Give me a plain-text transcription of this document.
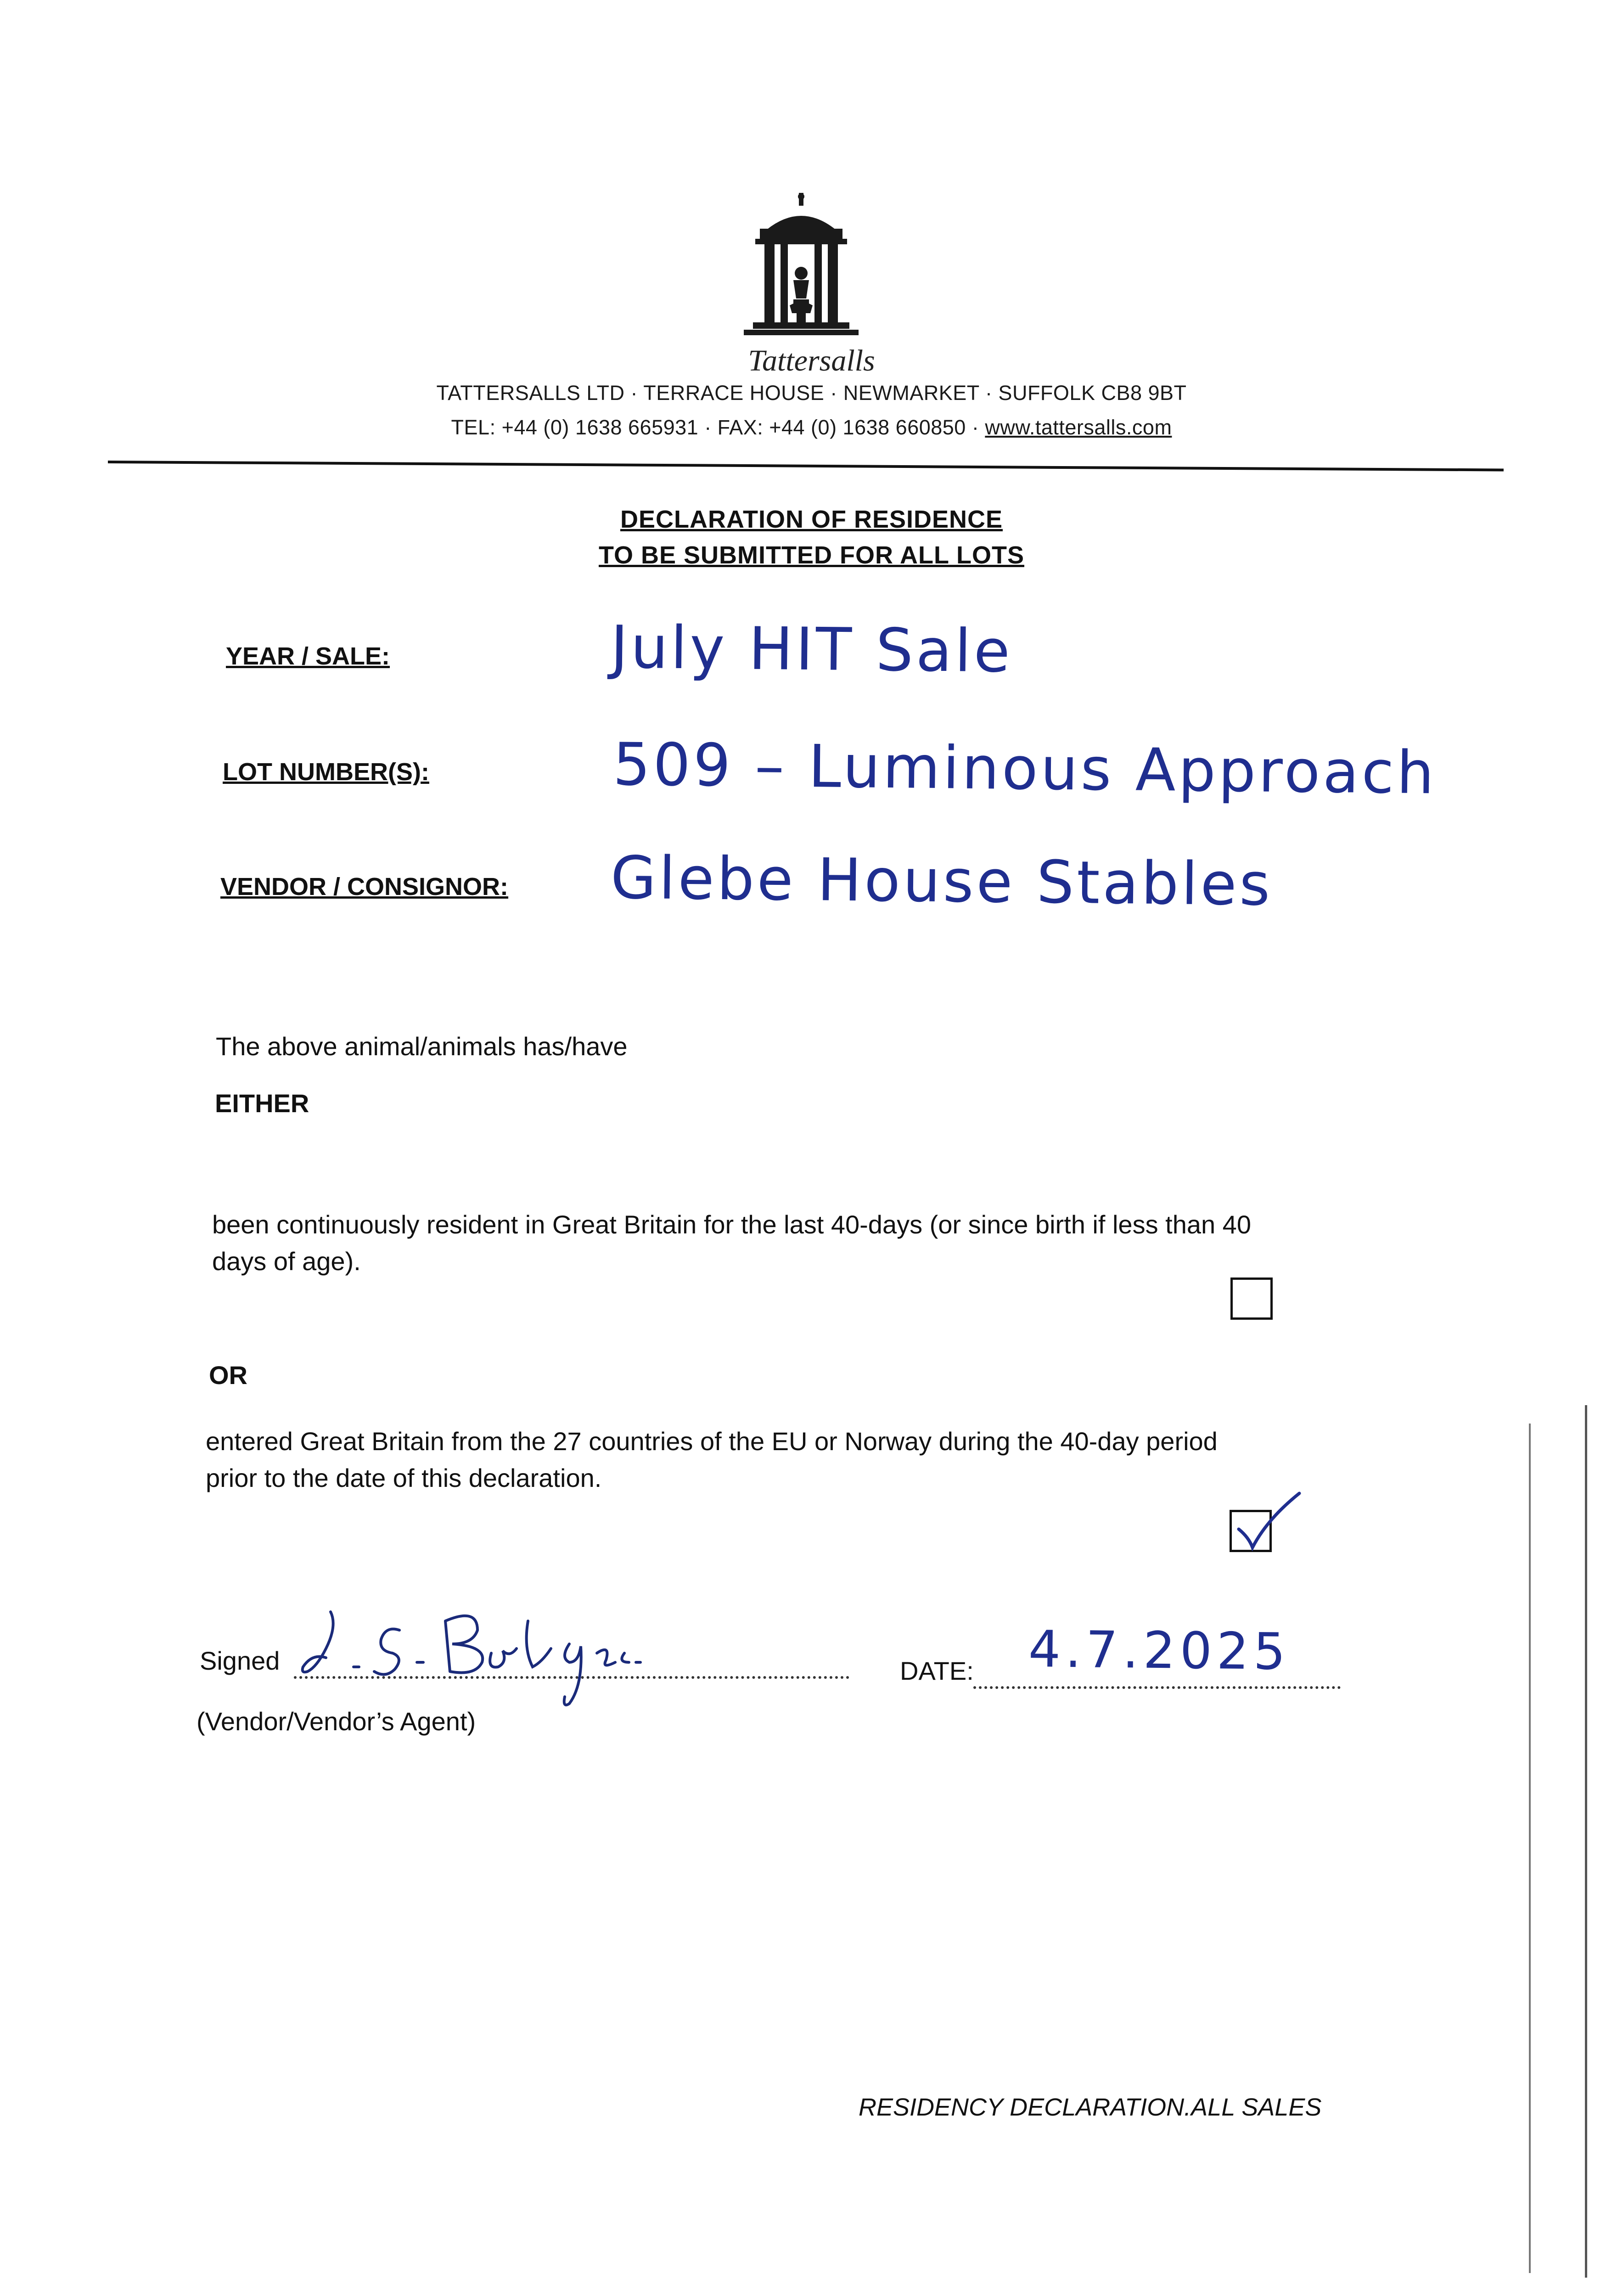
Tattersalls
TATTERSALLS LTD · TERRACE HOUSE · NEWMARKET · SUFFOLK CB8 9BT
TEL: +44 (0) 1638 665931 · FAX: +44 (0) 1638 660850 · www.tattersalls.com
DECLARATION OF RESIDENCE
TO BE SUBMITTED FOR ALL LOTS
YEAR / SALE:	July HIT Sale
LOT NUMBER(S):	509 – Luminous Approach
VENDOR / CONSIGNOR: Glebe House Stables
The above animal/animals has/have
EITHER
been continuously resident in Great Britain for the last 40-days (or since birth if less than 40
days of age).
OR
entered Great Britain from the 27 countries of the EU or Norway during the 40-day period
prior to the date of this declaration.
Signed
(Vendor/Vendor’s Agent)
DATE: 4.7.2025
RESIDENCY DECLARATION.ALL SALES
